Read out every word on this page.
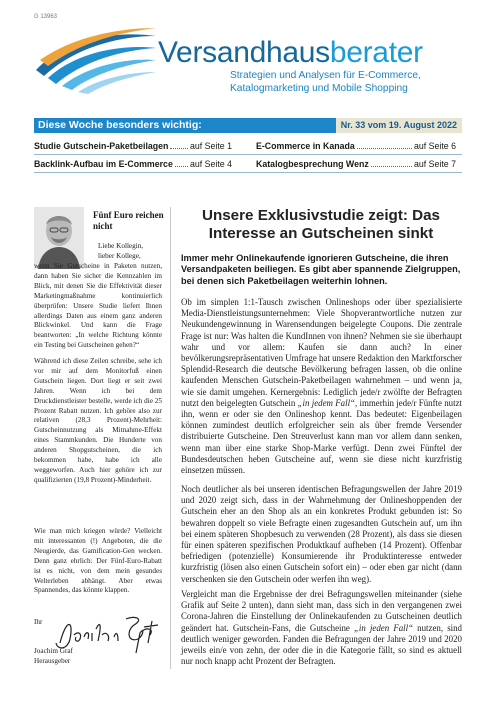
G 13963
Versandhausberater
Strategien und Analysen für E-Commerce,
Katalogmarketing und Mobile Shopping
Diese Woche besonders wichtig:	Nr. 33 vom 19. August 2022
Studie Gutschein-Paketbeilagen auf Seite 1	E-Commerce in Kanada	auf Seite 6
Backlink-Aufbau im E-Commerce auf Seite 4	Katalogbesprechung Wenz	auf Seite 7
Fünf Euro reichen nicht
Liebe Kollegin,
lieber Kollege,
wenn Sie Gutscheine in Paketen nutzen, dann haben Sie sicher die Kennzahlen im Blick, mit denen Sie die Effektivität dieser Marketingmaßnahme kontinuierlich überprüfen: Unsere Studie liefert Ihnen allerdings Daten aus einem ganz anderen Blickwinkel. Und kann die Frage beantworten: „In welche Richtung könnte ein Testing bei Gutscheinen gehen?“
Während ich diese Zeilen schreibe, sehe ich vor mir auf dem Monitorfuß einen Gutschein liegen. Dort liegt er seit zwei Jahren. Wenn ich bei dem Druckdienstleister bestelle, werde ich die 25 Prozent Rabatt nutzen. Ich gehöre also zur relativen (28,3 Prozent)-Mehrheit: Gutscheinnutzung als Mitnahme-Effekt eines Stammkunden. Die Hunderte von anderen Shopgutscheinen, die ich bekommen habe, habe ich alle weggeworfen. Auch hier gehöre ich zur qualifizierten (19,8 Prozent)-Minderheit.
Wie man mich kriegen würde? Vielleicht mit interessanten (!) Angeboten, die die Neugierde, das Gamification-Gen wecken. Denn ganz ehrlich: Der Fünf-Euro-Rabatt ist es nicht, von dem mein gesundes Welterleben abhängt. Aber etwas Spannendes, das könnte klappen.
Ihr
Joachim Graf
Herausgeber
Unsere Exklusivstudie zeigt: Das Interesse an Gutscheinen sinkt
Immer mehr Onlinekaufende ignorieren Gutscheine, die ihren Versandpaketen beiliegen. Es gibt aber spannende Zielgruppen, bei denen sich Paketbeilagen weiterhin lohnen.
Ob im simplen 1:1-Tausch zwischen Onlineshops oder über spezialisierte Media-Dienstleistungsunternehmen: Viele Shopverantwortliche nutzen zur Neukundengewinnung in Warensendungen beigelegte Coupons. Die zentrale Frage ist nur: Was halten die KundInnen von ihnen? Nehmen sie sie überhaupt wahr und vor allem: Kaufen sie dann auch? In einer bevölkerungsrepräsentativen Umfrage hat unsere Redaktion den Marktforscher Splendid-Research die deutsche Bevölkerung befragen lassen, ob die online kaufenden Menschen Gutschein-Paketbeilagen wahrnehmen – und wenn ja, wie sie damit umgehen. Kernergebnis: Lediglich jede/r zwölfte der Befragten nutzt den beigelegten Gutschein „in jedem Fall“, immerhin jede/r Fünfte nutzt ihn, wenn er oder sie den Onlineshop kennt. Das bedeutet: Eigenbeilagen können zumindest deutlich erfolgreicher sein als über fremde Versender distribuierte Gutscheine. Den Streuverlust kann man vor allem dann senken, wenn man über eine starke Shop-Marke verfügt. Denn zwei Fünftel der Bundesdeutschen heben Gutscheine auf, wenn sie diese nicht kurzfristig einsetzen müssen.
Noch deutlicher als bei unseren identischen Befragungswellen der Jahre 2019 und 2020 zeigt sich, dass in der Wahrnehmung der Onlineshoppenden der Gutschein eher an den Shop als an ein konkretes Produkt gebunden ist: So bewahren doppelt so viele Befragte einen zugesandten Gutschein auf, um ihn bei einem späteren Shopbesuch zu verwenden (28 Prozent), als dass sie diesen für einen späteren spezifischen Produktkauf aufheben (14 Prozent). Offenbar befriedigen (potenzielle) Konsumierende ihr Produktinteresse entweder kurzfristig (lösen also einen Gutschein sofort ein) – oder eben gar nicht (dann verschenken sie den Gutschein oder werfen ihn weg).
Vergleicht man die Ergebnisse der drei Befragungswellen miteinander (siehe Grafik auf Seite 2 unten), dann sieht man, dass sich in den vergangenen zwei Corona-Jahren die Einstellung der Onlinekaufenden zu Gutscheinen deutlich geändert hat. Gutschein-Fans, die Gutscheine „in jeden Fall“ nutzen, sind deutlich weniger geworden. Fanden die Befragungen der Jahre 2019 und 2020 jeweils ein/e von zehn, der oder die in die Kategorie fällt, so sind es aktuell nur noch knapp acht Prozent der Befragten.
